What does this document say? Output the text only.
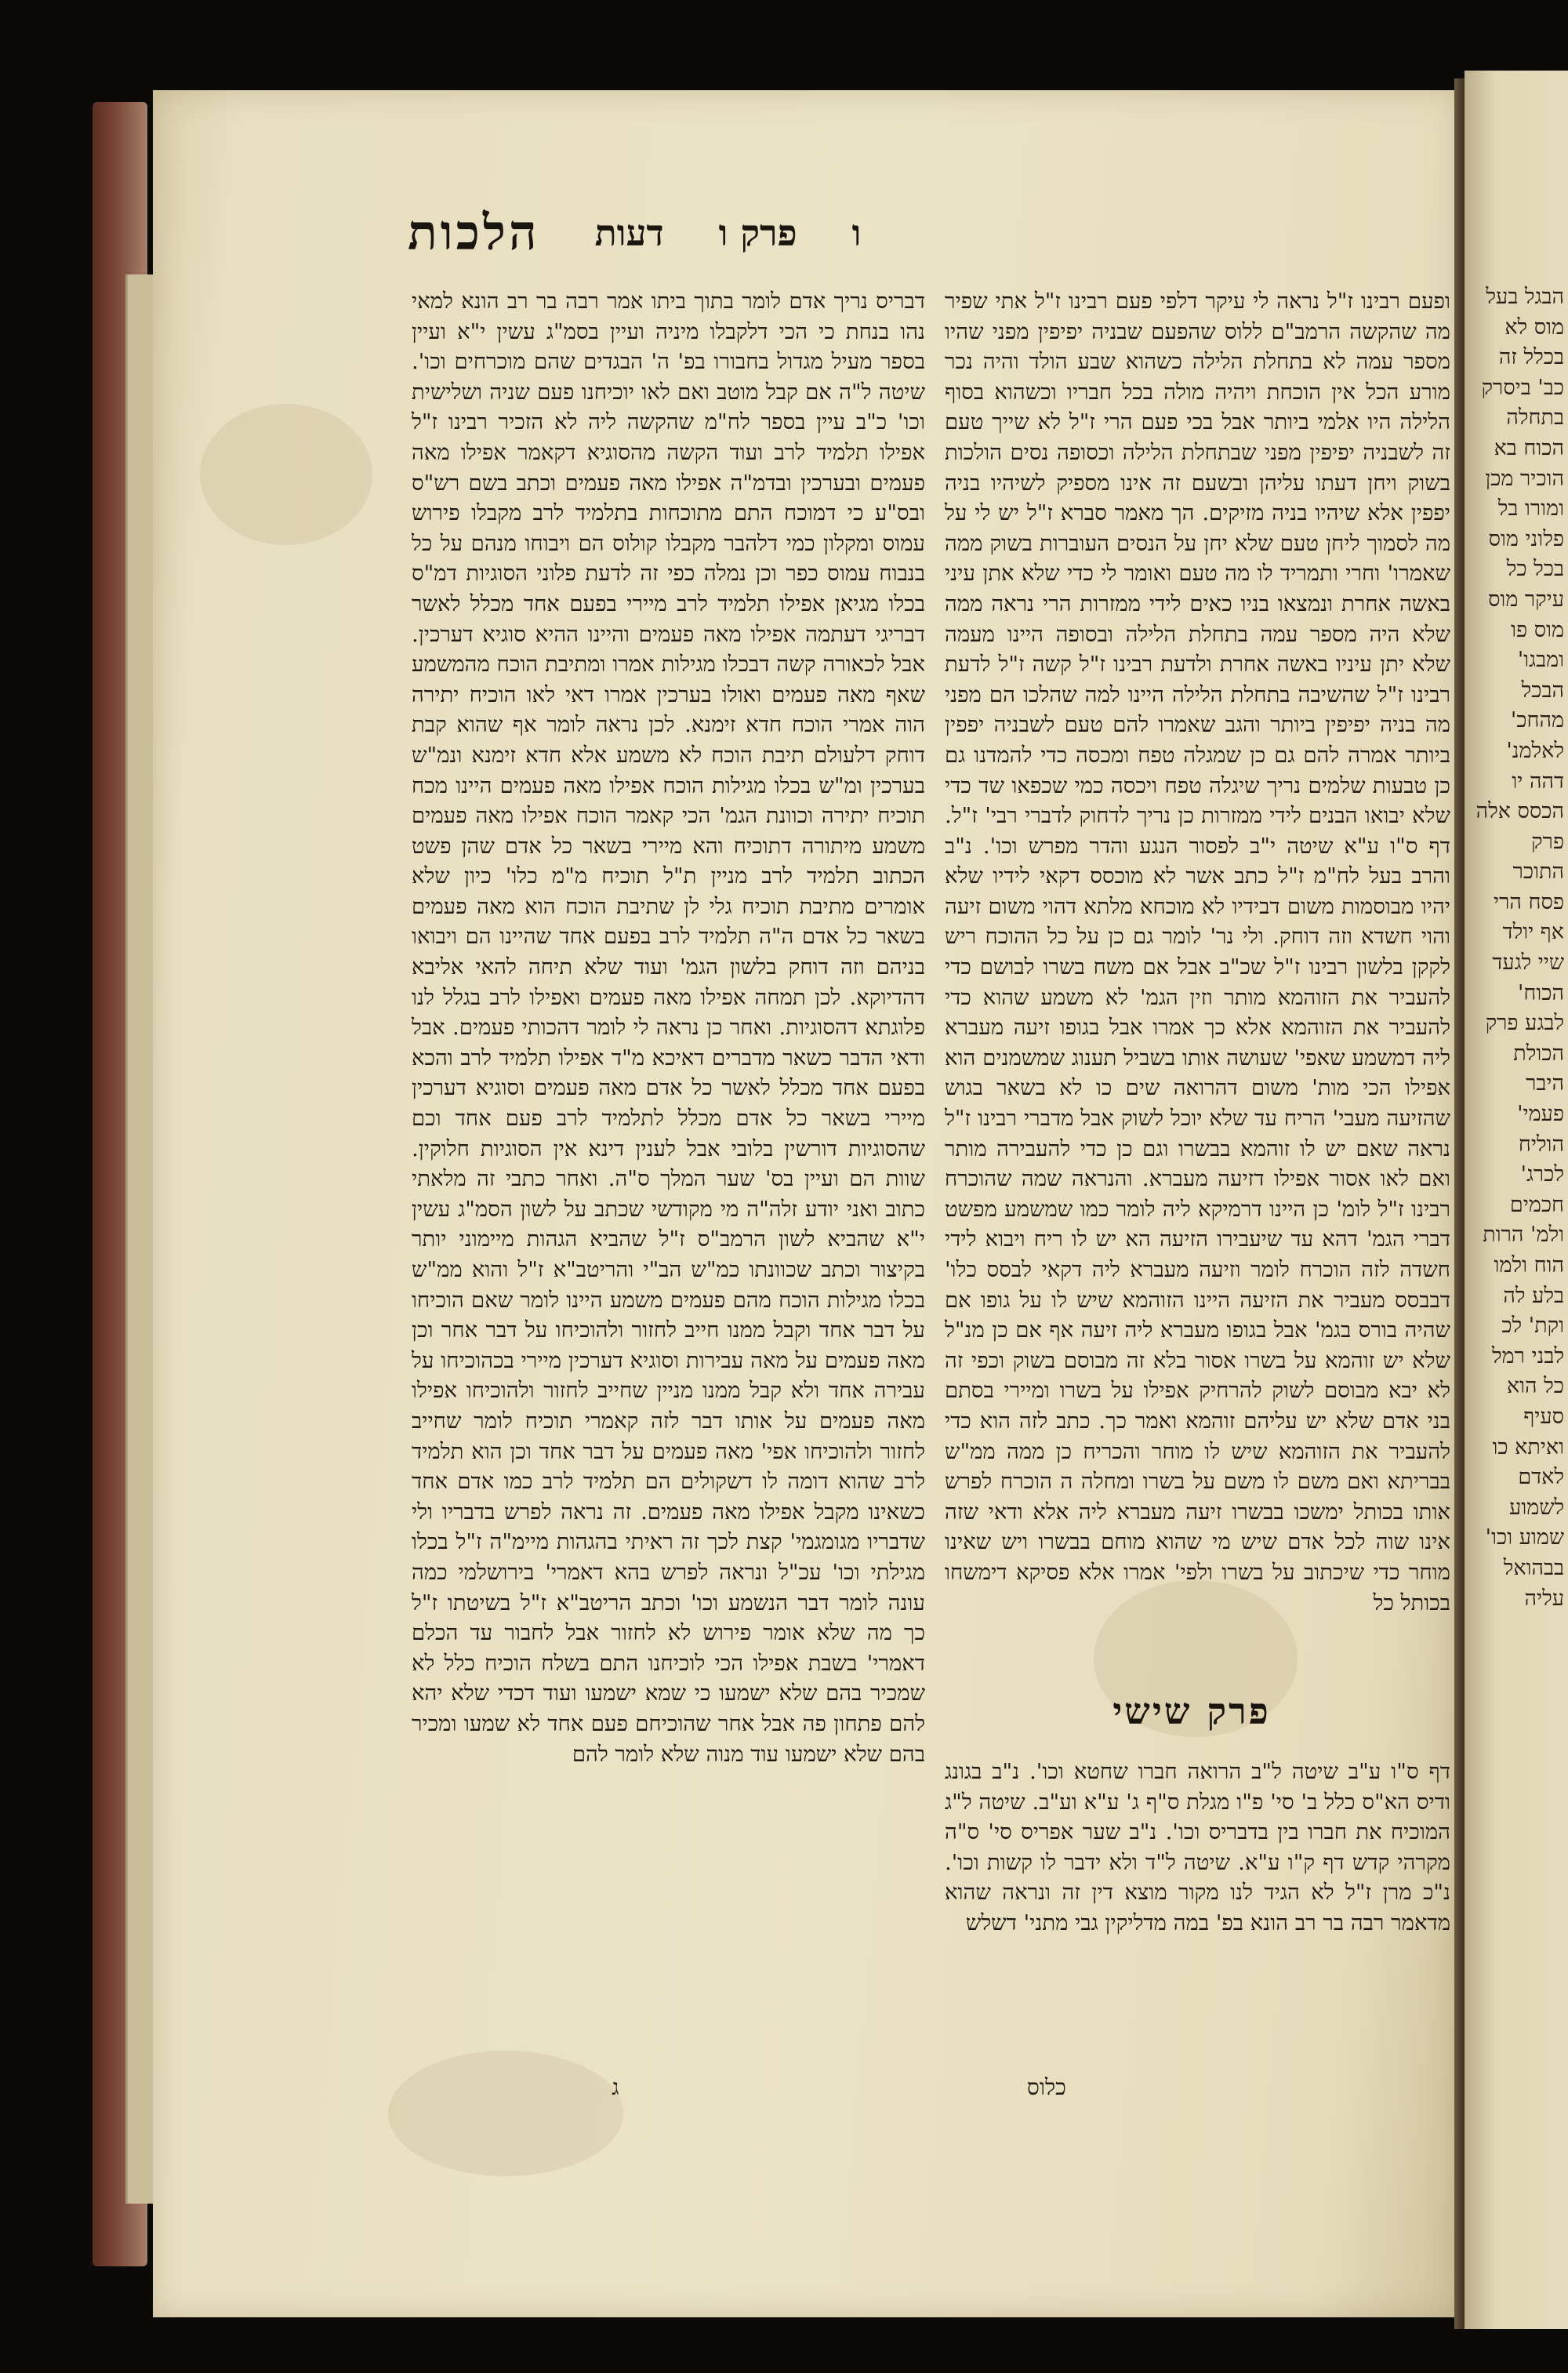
הלכות דעות פרק ו ו

ופעם רבינו ז"ל נראה לי עיקר דלפי פעם רבינו ז"ל אתי שפיר מה שהקשה הרמב"ם ללוס שהפעם שבניה יפיפין מפני שהיו מספר עמה לא בתחלת הלילה כשהוא שבע הולד והיה נכר מורע הכל אין הוכחת ויהיה מולה בכל חבריו וכשהוא בסוף הלילה היו אלמי ביותר אבל בכי פעם הרי ז"ל לא שייך טעם זה לשבניה יפיפין מפני שבתחלת הלילה וכסופה נסים הולכות בשוק ויחן דעתו עליהן ובשעם זה אינו מספיק לשיהיו בניה יפפין אלא שיהיו בניה מזיקים. הך מאמר סברא ז"ל יש לי על מה לסמוך ליחן טעם שלא יחן על הנסים העוברות בשוק ממה שאמרו' וחרי ותמריד לו מה טעם ואומר לי כדי שלא אתן עיני באשה אחרת ונמצאו בניו כאים לידי ממזרות הרי נראה ממה שלא היה מספר עמה בתחלת הלילה ובסופה היינו מעמה שלא יתן עיניו באשה אחרת ולדעת רבינו ז"ל קשה ז"ל לדעת רבינו ז"ל שהשיבה בתחלת הלילה היינו למה שהלכו הם מפני מה בניה יפיפין ביותר והגב שאמרו להם טעם לשבניה יפפין ביותר אמרה להם גם כן שמגלה טפח ומכסה כדי להמדנו גם כן טבעות שלמים נריך שיגלה טפח ויכסה כמי שכפאו שד כדי שלא יבואו הבנים לידי ממזרות כן נריך לדחוק לדברי רבי' ז"ל. דף ס"ו ע"א שיטה י"ב לפסור הנגע והדר מפרש וכו'. נ"ב והרב בעל לח"מ ז"ל כתב אשר לא מוכסס דקאי לידיו שלא יהיו מבוסמות משום דבידיו לא מוכחא מלתא דהוי משום זיעה והוי חשדא וזה דוחק. ולי נר' לומר גם כן על כל ההוכח ריש לקקן בלשון רבינו ז"ל שכ"ב אבל אם משח בשרו לבושם כדי להעביר את הזוהמא מותר וזין הגמ' לא משמע שהוא כדי להעביר את הזוהמא אלא כך אמרו אבל בגופו זיעה מעברא ליה דמשמע שאפי' שעושה אותו בשביל תענוג שמשמנים הוא אפילו הכי מות' משום דהרואה שים כו לא בשאר בגוש שהזיעה מעבי' הריח עד שלא יוכל לשוק אבל מדברי רבינו ז"ל נראה שאם יש לו זוהמא בבשרו וגם כן כדי להעבירה מותר ואם לאו אסור אפילו דזיעה מעברא. והנראה שמה שהוכרח רבינו ז"ל לומ' כן היינו דרמיקא ליה לומר כמו שמשמע מפשט דברי הגמ' דהא עד שיעבירו הזיעה הא יש לו ריח ויבוא לידי חשדה לזה הוכרח לומר וזיעה מעברא ליה דקאי לבסס כלו' דבבסס מעביר את הזיעה היינו הזוהמא שיש לו על גופו אם שהיה בורס בגמ' אבל בגופו מעברא ליה זיעה אף אם כן מנ"ל שלא יש זוהמא על בשרו אסור בלא זה מבוסם בשוק וכפי זה לא יבא מבוסם לשוק להרחיק אפילו על בשרו ומיירי בסתם בני אדם שלא יש עליהם זוהמא ואמר כך. כתב לזה הוא כדי להעביר את הזוהמא שיש לו מוחר והכריח כן ממה ממ"ש בבריתא ואם משם לו משם על בשרו ומחלה ה הוכרח לפרש אותו בכותל ימשכו בבשרו זיעה מעברא ליה אלא ודאי שזה אינו שוה לכל אדם שיש מי שהוא מוחם בבשרו ויש שאינו מוחר כדי שיכתוב על בשרו ולפי' אמרו אלא פסיקא דימשחו בכותל כל

פרק שישי

דף ס"ו ע"ב שיטה ל"ב הרואה חברו שחטא וכו'. נ"ב בגונג ודיס הא"ס כלל ב' סי' פ"ו מגלת ס"ף ג' ע"א וע"ב. שיטה ל"ג המוכיח את חברו בין בדבריס וכו'. נ"ב שער אפריס סי' ס"ה מקרהי קדש דף ק"ו ע"א. שיטה ל"ד ולא ידבר לו קשות וכו'. נ"כ מרן ז"ל לא הגיד לנו מקור מוצא דין זה ונראה שהוא מדאמר רבה בר רב הונא בפ' במה מדליקין גבי מתני' דשלש

דבריס נריך אדם לומר בתוך ביתו אמר רבה בר רב הונא למאי נהו בנחת כי הכי דלקבלו מיניה ועיין בסמ"ג עשין י"א ועיין בספר מעיל מגדול בחבורו בפ' ה' הבגדים שהם מוכרחים וכו'. שיטה ל"ה אם קבל מוטב ואם לאו יוכיחנו פעם שניה ושלישית וכו' כ"ב עיין בספר לח"מ שהקשה ליה לא הזכיר רבינו ז"ל אפילו תלמיד לרב ועוד הקשה מהסוגיא דקאמר אפילו מאה פעמים ובערכין ובדמ"ה אפילו מאה פעמים וכתב בשם רש"ס ובס"ע כי דמוכח התם מתוכחות בתלמיד לרב מקבלו פירוש עמוס ומקלון כמי דלהבר מקבלו קולוס הם ויבוחו מנהם על כל בנבוח עמוס כפר וכן נמלה כפי זה לדעת פלוני הסוגיות דמ"ס בכלו מגיאן אפילו תלמיד לרב מיירי בפעם אחד מכלל לאשר דבריגי דעתמה אפילו מאה פעמים והיינו ההיא סוגיא דערכין. אבל לכאורה קשה דבכלו מגילות אמרו ומתיבת הוכח מהמשמע שאף מאה פעמים ואולו בערכין אמרו דאי לאו הוכיח יתירה הוה אמרי הוכח חדא זימנא. לכן נראה לומר אף שהוא קבת דוחק דלעולם תיבת הוכח לא משמע אלא חדא זימנא ונמ"ש בערכין ומ"ש בכלו מגילות הוכח אפילו מאה פעמים היינו מכח תוכיח יתירה וכוונת הגמ' הכי קאמר הוכח אפילו מאה פעמים משמע מיתורה דתוכיח והא מיירי בשאר כל אדם שהן פשט הכתוב תלמיד לרב מניין ת"ל תוכיח מ"מ כלו' כיון שלא אומרים מתיבת תוכיח גלי לן שתיבת הוכח הוא מאה פעמים בשאר כל אדם ה"ה תלמיד לרב בפעם אחד שהיינו הם ויבואו בניהם וזה דוחק בלשון הגמ' ועוד שלא תיחה להאי אליבא דהדיוקא. לכן תמחה אפילו מאה פעמים ואפילו לרב בגלל לנו פלוגתא דהסוגיות. ואחר כן נראה לי לומר דהכותי פעמים. אבל ודאי הדבר כשאר מדברים דאיכא מ"ד אפילו תלמיד לרב והכא בפעם אחד מכלל לאשר כל אדם מאה פעמים וסוגיא דערכין מיירי בשאר כל אדם מכלל לתלמיד לרב פעם אחד וכם שהסוגיות דורשין בלובי אבל לענין דינא אין הסוגיות חלוקין. שוות הם ועיין בס' שער המלך ס"ה. ואחר כתבי זה מלאתי כתוב ואני יודע זלה"ה מי מקודשי שכתב על לשון הסמ"ג עשין י"א שהביא לשון הרמב"ס ז"ל שהביא הגהות מיימוני יותר בקיצור וכתב שכוונתו כמ"ש הב"י והריטב"א ז"ל והוא ממ"ש בכלו מגילות הוכח מהם פעמים משמע היינו לומר שאם הוכיחו על דבר אחד וקבל ממנו חייב לחזור ולהוכיחו על דבר אחר וכן מאה פעמים על מאה עבירות וסוגיא דערכין מיירי בכהוכיחו על עבירה אחד ולא קבל ממנו מניין שחייב לחזור ולהוכיחו אפילו מאה פעמים על אותו דבר לזה קאמרי תוכיח לומר שחייב לחזור ולהוכיחו אפי' מאה פעמים על דבר אחד וכן הוא תלמיד לרב שהוא דומה לו דשקולים הם תלמיד לרב כמו אדם אחד כשאינו מקבל אפילו מאה פעמים. זה נראה לפרש בדבריו ולי שדבריו מגומגמי' קצת לכך זה ראיתי בהגהות מיימ"ה ז"ל בכלו מגילתי וכו' עכ"ל ונראה לפרש בהא דאמרי' בירושלמי כמה עונה לומר דבר הנשמע וכו' וכתב הריטב"א ז"ל בשיטתו ז"ל כך מה שלא אומר פירוש לא לחזור אבל לחבור עד הכלם דאמרי' בשבת אפילו הכי לוכיחנו התם בשלח הוכיח כלל לא שמכיר בהם שלא ישמעו כי שמא ישמעו ועוד דכדי שלא יהא להם פתחון פה אבל אחר שהוכיחם פעם אחד לא שמעו ומכיר בהם שלא ישמעו עוד מנוה שלא לומר להם

כלוס
ג
הבגל בעל מוס לא בכלל זה כב' ביסרק בתחלה הכוח בא הוכיר מכן ומורו בל פלוני מוס בכל כל עיקר מוס מוס פו ומבגו' הבכל מהחכ' לאלמנ' דהה יו הכסס אלה פרק התוכר פסח הרי אף יולד שיי לגעד הכוח' לבגע פרק הכולת היבר פעמי' הוליח לכרג' חכמים ולמ' הרות הוח ולמו בלע לה וקת' לכ לבני רמל כל הוא סעיף ואיתא כו לאדם לשמוע שמוע וכו' בבהואל עליה
